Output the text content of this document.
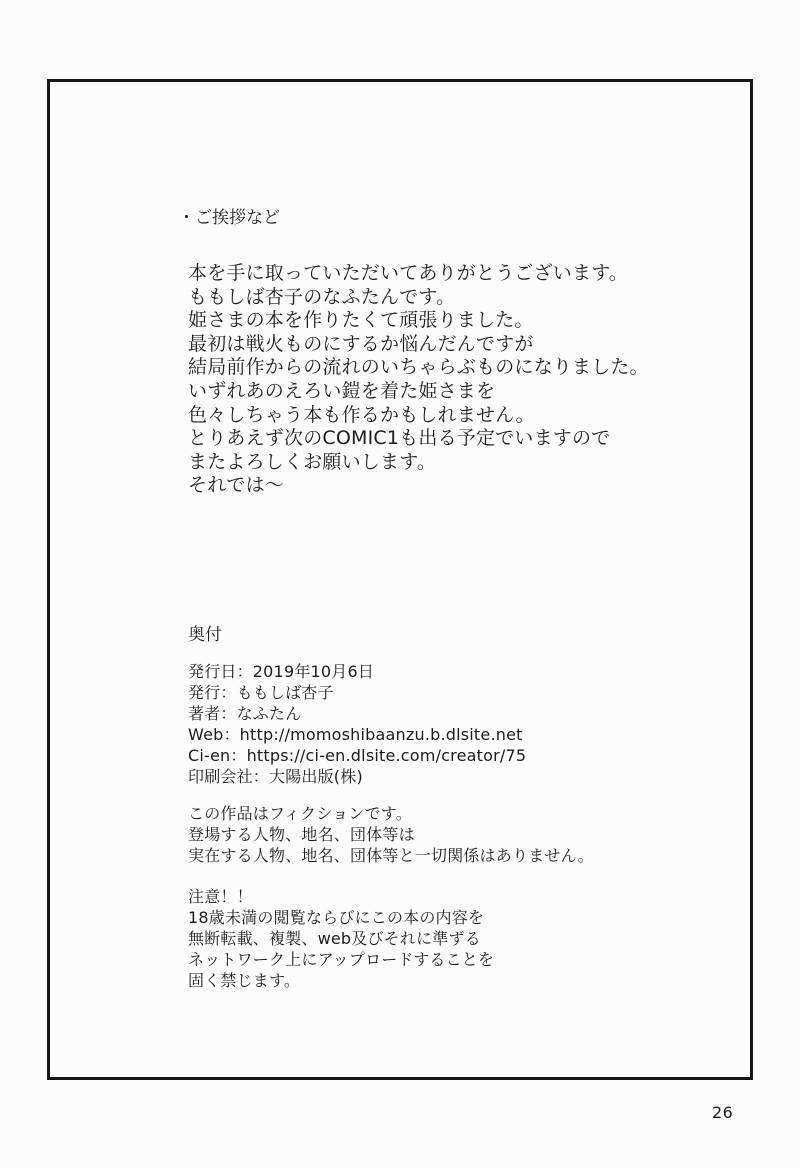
・ご挨拶など
本を手に取っていただいてありがとうございます。
ももしば杏子のなふたんです。
姫さまの本を作りたくて頑張りました。
最初は戦火ものにするか悩んだんですが
結局前作からの流れのいちゃらぶものになりました。
いずれあのえろい鎧を着た姫さまを
色々しちゃう本も作るかもしれません。
とりあえず次のCOMIC1も出る予定でいますので
またよろしくお願いします。
それでは～
奥付
発行日：2019年10月6日
発行：ももしば杏子
著者：なふたん
Web：http://momoshibaanzu.b.dlsite.net
Ci-en：https://ci-en.dlsite.com/creator/75
印刷会社：大陽出版(株)
この作品はフィクションです。
登場する人物、地名、団体等は
実在する人物、地名、団体等と一切関係はありません。
注意！！
18歳未満の閲覧ならびにこの本の内容を
無断転載、複製、web及びそれに準ずる
ネットワーク上にアップロードすることを
固く禁じます。
26
